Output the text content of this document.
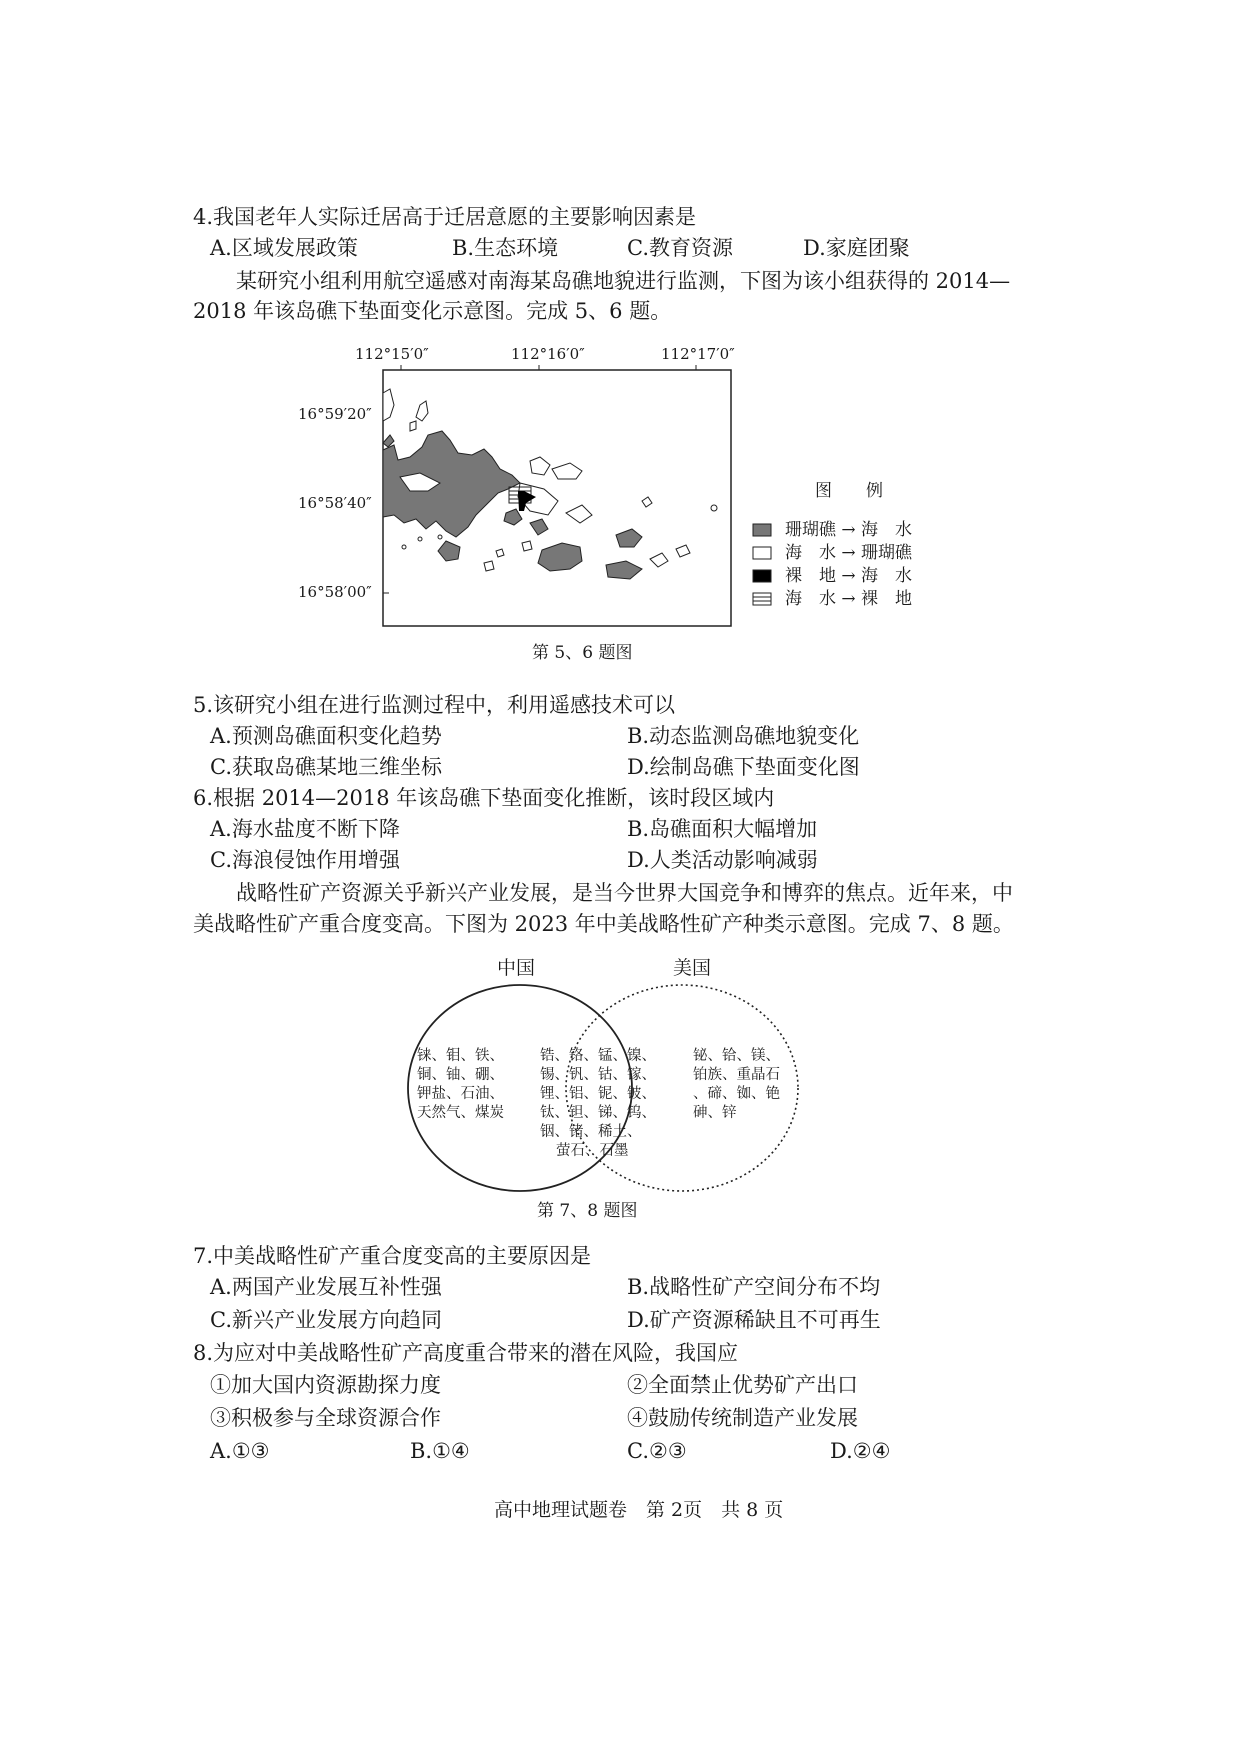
4.我国老年人实际迁居高于迁居意愿的主要影响因素是
A.区域发展政策	B.生态环境	C.教育资源	D.家庭团聚
某研究小组利用航空遥感对南海某岛礁地貌进行监测，下图为该小组获得的 2014—
2018 年该岛礁下垫面变化示意图。完成 5、6 题。
112°15′0″	112°16′0″	112°17′0″
16°59′20″
16°58′40″
16°58′00″
图　　例
珊瑚礁 → 海　水
海　水 → 珊瑚礁
裸　地 → 海　水
海　水 → 裸　地
第 5、6 题图
5.该研究小组在进行监测过程中，利用遥感技术可以
A.预测岛礁面积变化趋势	B.动态监测岛礁地貌变化
C.获取岛礁某地三维坐标	D.绘制岛礁下垫面变化图
6.根据 2014—2018 年该岛礁下垫面变化推断，该时段区域内
A.海水盐度不断下降	B.岛礁面积大幅增加
C.海浪侵蚀作用增强	D.人类活动影响减弱
战略性矿产资源关乎新兴产业发展，是当今世界大国竞争和博弈的焦点。近年来，中
美战略性矿产重合度变高。下图为 2023 年中美战略性矿产种类示意图。完成 7、8 题。
中国	美国
铼、钼、铁、
铜、铀、硼、
钾盐、石油、
天然气、煤炭
锆、铬、锰、镍、
锡、钒、钴、镓、
锂、铝、铌、铍、
钛、钽、锑、钨、
铟、锗、稀土、
萤石、石墨
铋、铪、镁、
铂族、重晶石
、碲、铷、铯
砷、锌
第 7、8 题图
7.中美战略性矿产重合度变高的主要原因是
A.两国产业发展互补性强	B.战略性矿产空间分布不均
C.新兴产业发展方向趋同	D.矿产资源稀缺且不可再生
8.为应对中美战略性矿产高度重合带来的潜在风险，我国应
①加大国内资源勘探力度	②全面禁止优势矿产出口
③积极参与全球资源合作	④鼓励传统制造产业发展
A.①③	B.①④	C.②③	D.②④
高中地理试题卷　第 2页　共 8 页
